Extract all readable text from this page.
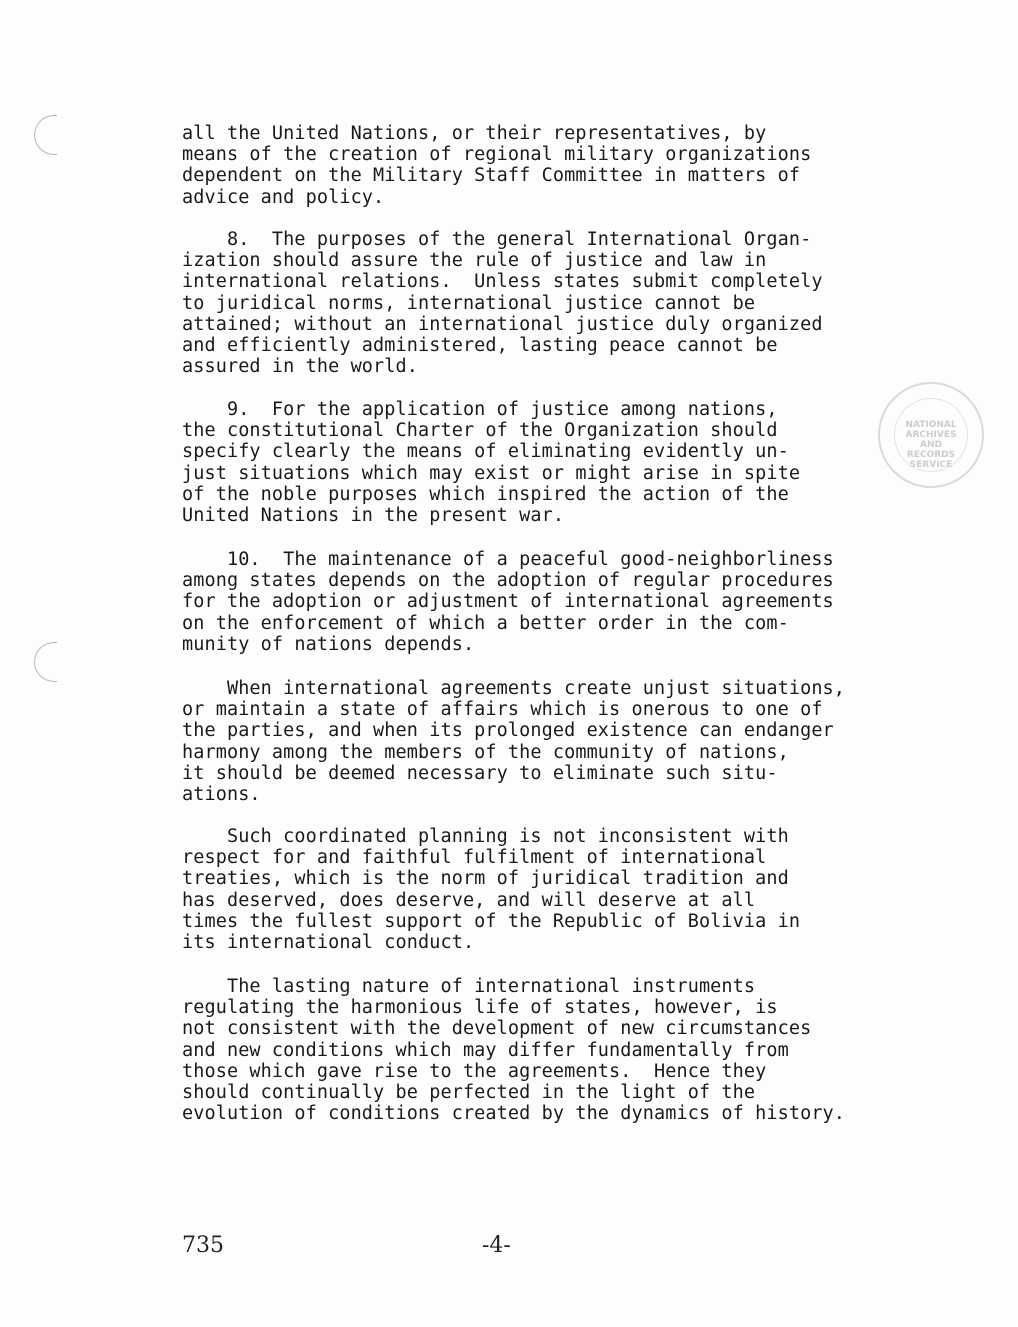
NATIONAL ARCHIVES AND RECORDS SERVICE

all the United Nations, or their representatives, by
means of the creation of regional military organizations
dependent on the Military Staff Committee in matters of
advice and policy.

8.  The purposes of the general International Organ-
ization should assure the rule of justice and law in
international relations.  Unless states submit completely
to juridical norms, international justice cannot be
attained; without an international justice duly organized
and efficiently administered, lasting peace cannot be
assured in the world.

9.  For the application of justice among nations,
the constitutional Charter of the Organization should
specify clearly the means of eliminating evidently un-
just situations which may exist or might arise in spite
of the noble purposes which inspired the action of the
United Nations in the present war.

10.  The maintenance of a peaceful good-neighborliness
among states depends on the adoption of regular procedures
for the adoption or adjustment of international agreements
on the enforcement of which a better order in the com-
munity of nations depends.

When international agreements create unjust situations,
or maintain a state of affairs which is onerous to one of
the parties, and when its prolonged existence can endanger
harmony among the members of the community of nations,
it should be deemed necessary to eliminate such situ-
ations.

Such coordinated planning is not inconsistent with
respect for and faithful fulfilment of international
treaties, which is the norm of juridical tradition and
has deserved, does deserve, and will deserve at all
times the fullest support of the Republic of Bolivia in
its international conduct.

The lasting nature of international instruments
regulating the harmonious life of states, however, is
not consistent with the development of new circumstances
and new conditions which may differ fundamentally from
those which gave rise to the agreements.  Hence they
should continually be perfected in the light of the
evolution of conditions created by the dynamics of history.

735	-4-
